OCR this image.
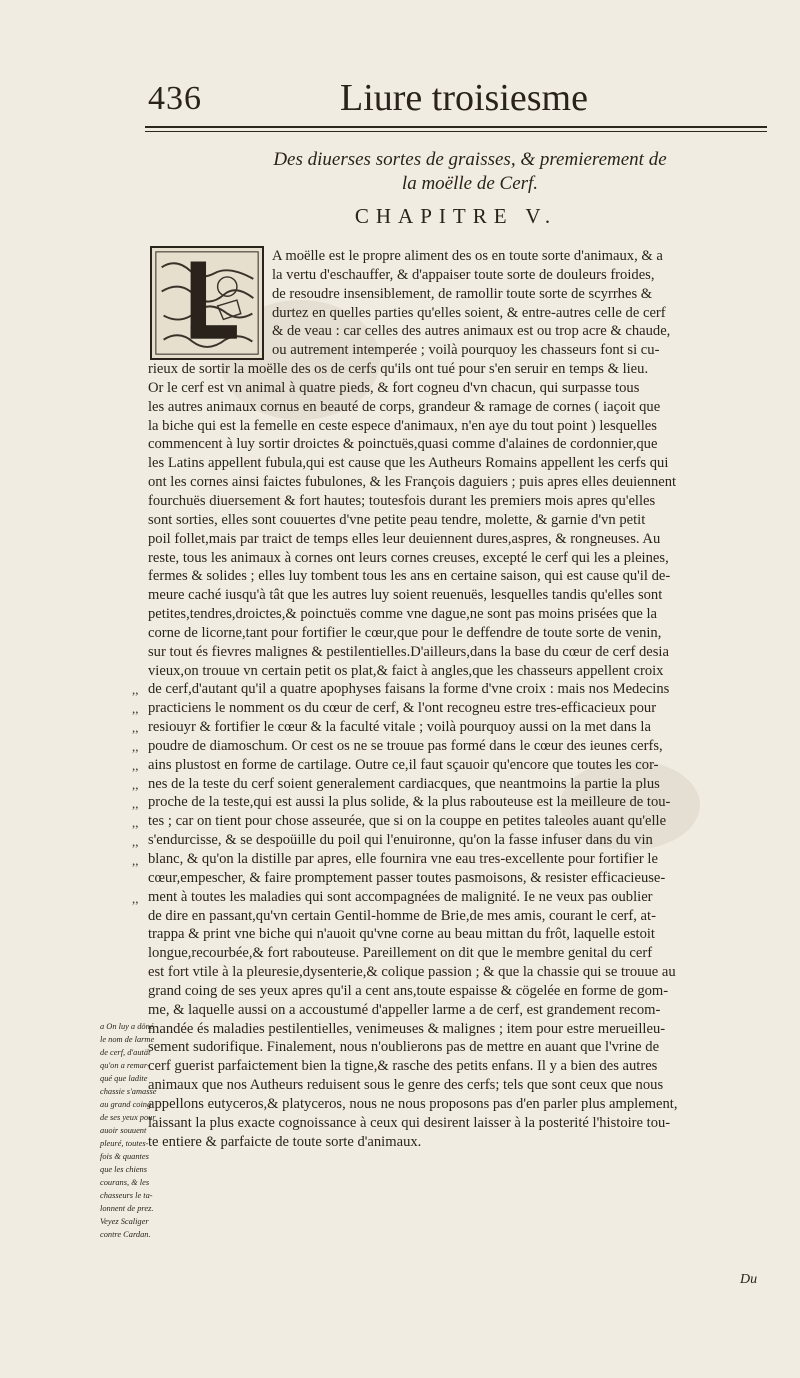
436	Liure troisiesme
Des diuerses sortes de graisses, & premierement de
la moëlle de Cerf.
CHAPITRE V.

A moëlle est le propre aliment des os en toute sorte d'animaux, & a
la vertu d'eschauffer, & d'appaiser toute sorte de douleurs froides,
de resoudre insensiblement, de ramollir toute sorte de scyrrhes &
durtez en quelles parties qu'elles soient, & entre-autres celle de cerf
& de veau : car celles des autres animaux est ou trop acre & chaude,
ou autrement intemperée ; voilà pourquoy les chasseurs font si cu-
rieux de sortir la moëlle des os de cerfs qu'ils ont tué pour s'en seruir en temps & lieu.
Or le cerf est vn animal à quatre pieds, & fort cogneu d'vn chacun, qui surpasse tous
les autres animaux cornus en beauté de corps, grandeur & ramage de cornes ( iaçoit que
la biche qui est la femelle en ceste espece d'animaux, n'en aye du tout point ) lesquelles
commencent à luy sortir droictes & poinctuës,quasi comme d'alaines de cordonnier,que
les Latins appellent fubula,qui est cause que les Autheurs Romains appellent les cerfs qui
ont les cornes ainsi faictes fubulones, & les François daguiers ; puis apres elles deuiennent
fourchuës diuersement & fort hautes; toutesfois durant les premiers mois apres qu'elles
sont sorties, elles sont couuertes d'vne petite peau tendre, molette, & garnie d'vn petit
poil follet,mais par traict de temps elles leur deuiennent dures,aspres, & rongneuses. Au
reste, tous les animaux à cornes ont leurs cornes creuses, excepté le cerf qui les a pleines,
fermes & solides ; elles luy tombent tous les ans en certaine saison, qui est cause qu'il de-
meure caché iusqu'à tât que les autres luy soient reuenuës, lesquelles tandis qu'elles sont
petites,tendres,droictes,& poinctuës comme vne dague,ne sont pas moins prisées que la
corne de licorne,tant pour fortifier le cœur,que pour le deffendre de toute sorte de venin,
sur tout és fievres malignes & pestilentielles.D'ailleurs,dans la base du cœur de cerf desia
vieux,on trouue vn certain petit os plat,& faict à angles,que les chasseurs appellent croix
de cerf,d'autant qu'il a quatre apophyses faisans la forme d'vne croix : mais nos Medecins
practiciens le nomment os du cœur de cerf, & l'ont recogneu estre tres-efficacieux pour
resiouyr & fortifier le cœur & la faculté vitale ; voilà pourquoy aussi on la met dans la
poudre de diamoschum. Or cest os ne se trouue pas formé dans le cœur des ieunes cerfs,
ains plustost en forme de cartilage. Outre ce,il faut sçauoir qu'encore que toutes les cor-
nes de la teste du cerf soient generalement cardiacques, que neantmoins la partie la plus
proche de la teste,qui est aussi la plus solide, & la plus rabouteuse est la meilleure de tou-
tes ; car on tient pour chose asseurée, que si on la couppe en petites taleoles auant qu'elle
s'endurcisse, & se despoüille du poil qui l'enuironne, qu'on la fasse infuser dans du vin
blanc, & qu'on la distille par apres, elle fournira vne eau tres-excellente pour fortifier le
cœur,empescher, & faire promptement passer toutes pasmoisons, & resister efficacieuse-
ment à toutes les maladies qui sont accompagnées de malignité. Ie ne veux pas oublier
de dire en passant,qu'vn certain Gentil-homme de Brie,de mes amis, courant le cerf, at-
trappa & print vne biche qui n'auoit qu'vne corne au beau mittan du frôt, laquelle estoit
longue,recourbée,& fort rabouteuse. Pareillement on dit que le membre genital du cerf
est fort vtile à la pleuresie,dysenterie,& colique passion ; & que la chassie qui se trouue au
grand coing de ses yeux apres qu'il a cent ans,toute espaisse & cögelée en forme de gom-
me, & laquelle aussi on a accoustumé d'appeller larme a de cerf, est grandement recom-
mandée és maladies pestilentielles, venimeuses & malignes ; item pour estre merueilleu-
sement sudorifique. Finalement, nous n'oublierons pas de mettre en auant que l'vrine de
cerf guerist parfaictement bien la tigne,& rasche des petits enfans. Il y a bien des autres
animaux que nos Autheurs reduisent sous le genre des cerfs; tels que sont ceux que nous
appellons eutyceros,& platyceros, nous ne nous proposons pas d'en parler plus amplement,
laissant la plus exacte cognoissance à ceux qui desirent laisser à la posterité l'histoire tou-
te entiere & parfaicte de toute sorte d'animaux.

,,
,,
,,
,,
,,
,,
,,
,,
,,
,,
,,
a On luy a döné
le nom de larme
de cerf, d'autät
qu'on a remar-
qué que ladite
chassie s'amasse
au grand coing
de ses yeux pour
auoir souuent
pleuré, toutes-
fois & quantes
que les chiens
courans, & les
chasseurs le ta-
lonnent de prez.
Veyez Scaliger
contre Cardan.
Du
